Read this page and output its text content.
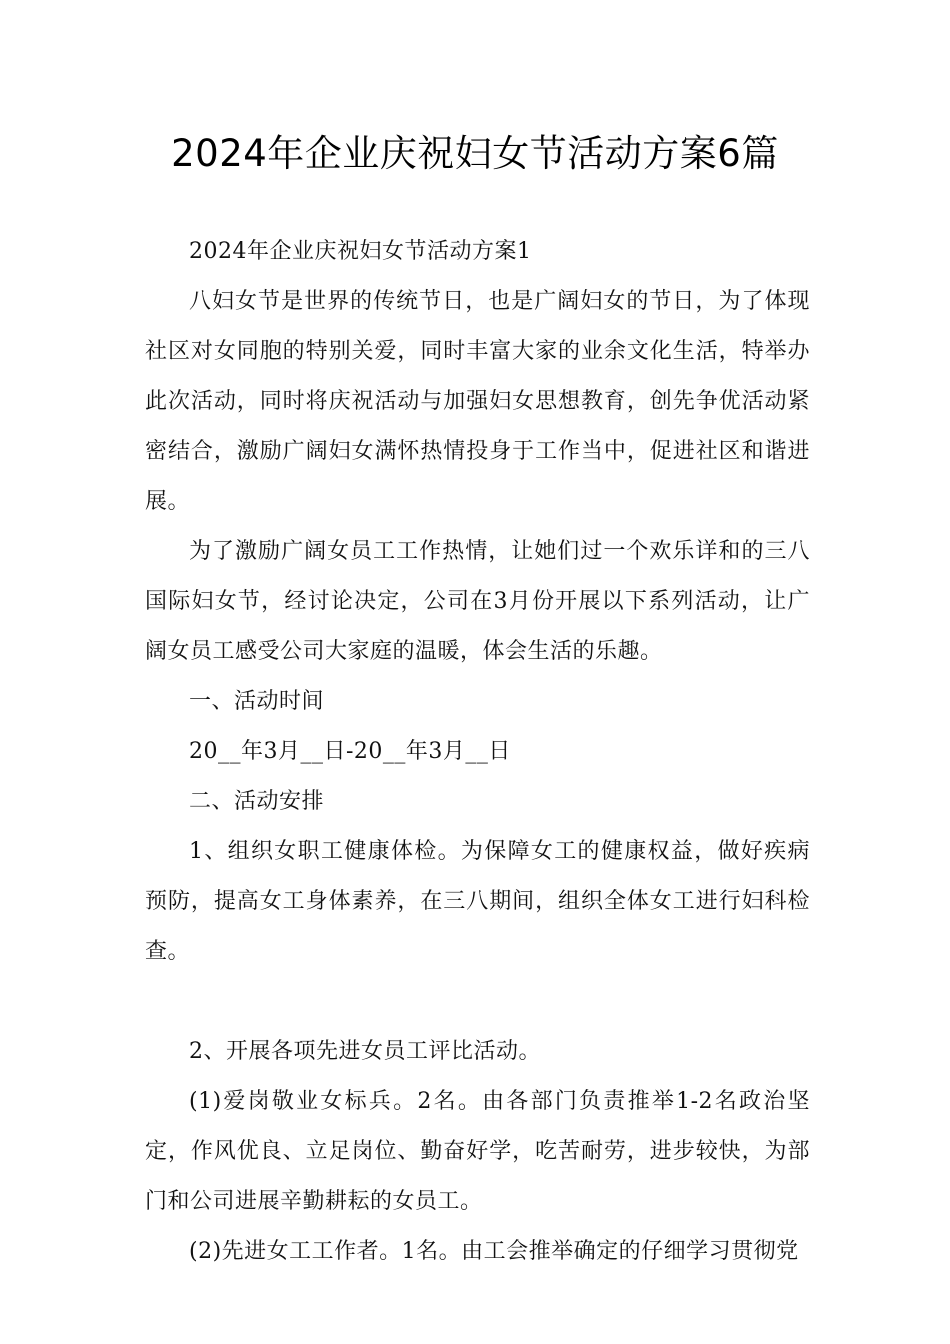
2024年企业庆祝妇女节活动方案6篇

2024年企业庆祝妇女节活动方案1

八妇女节是世界的传统节日，也是广阔妇女的节日，为了体现社区对女同胞的特别关爱，同时丰富大家的业余文化生活，特举办此次活动，同时将庆祝活动与加强妇女思想教育，创先争优活动紧密结合，激励广阔妇女满怀热情投身于工作当中，促进社区和谐进展。

为了激励广阔女员工工作热情，让她们过一个欢乐详和的三八国际妇女节，经讨论决定，公司在3月份开展以下系列活动，让广阔女员工感受公司大家庭的温暖，体会生活的乐趣。

一、活动时间

20__年3月__日-20__年3月__日

二、活动安排

1、组织女职工健康体检。为保障女工的健康权益，做好疾病预防，提高女工身体素养，在三八期间，组织全体女工进行妇科检查。

2、开展各项先进女员工评比活动。

(1)爱岗敬业女标兵。2名。由各部门负责推举1-2名政治坚定，作风优良、立足岗位、勤奋好学，吃苦耐劳，进步较快，为部门和公司进展辛勤耕耘的女员工。

(2)先进女工工作者。1名。由工会推举确定的仔细学习贯彻党
